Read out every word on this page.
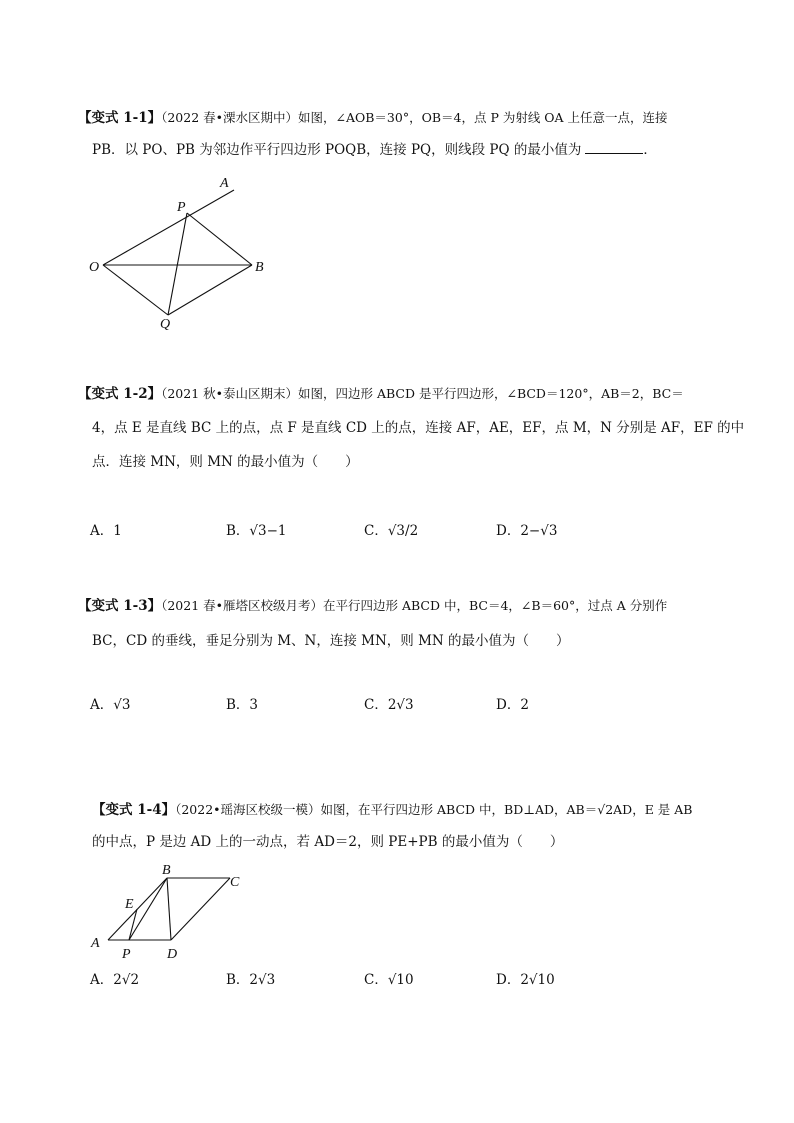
【变式 1-1】（2022 春•溧水区期中）如图，∠AOB＝30°，OB＝4，点 P 为射线 OA 上任意一点，连接
PB．以 PO、PB 为邻边作平行四边形 POQB，连接 PQ，则线段 PQ 的最小值为	．
A
P
O	B
Q
【变式 1-2】（2021 秋•泰山区期末）如图，四边形 ABCD 是平行四边形，∠BCD＝120°，AB＝2，BC＝
4，点 E 是直线 BC 上的点，点 F 是直线 CD 上的点，连接 AF，AE，EF，点 M，N 分别是 AF，EF 的中
点．连接 MN，则 MN 的最小值为（　　）
A．1	B．√3−1	C．√3/2	D．2−√3
【变式 1-3】（2021 春•雁塔区校级月考）在平行四边形 ABCD 中，BC＝4，∠B＝60°，过点 A 分别作
BC，CD 的垂线，垂足分别为 M、N，连接 MN，则 MN 的最小值为（　　）
A．√3	B．3	C．2√3	D．2
【变式 1-4】（2022•瑶海区校级一模）如图，在平行四边形 ABCD 中，BD⊥AD，AB＝√2AD，E 是 AB
的中点，P 是边 AD 上的一动点，若 AD＝2，则 PE+PB 的最小值为（　　）
B
C
E
A
P	D
A．2√2	B．2√3	C．√10	D．2√10
